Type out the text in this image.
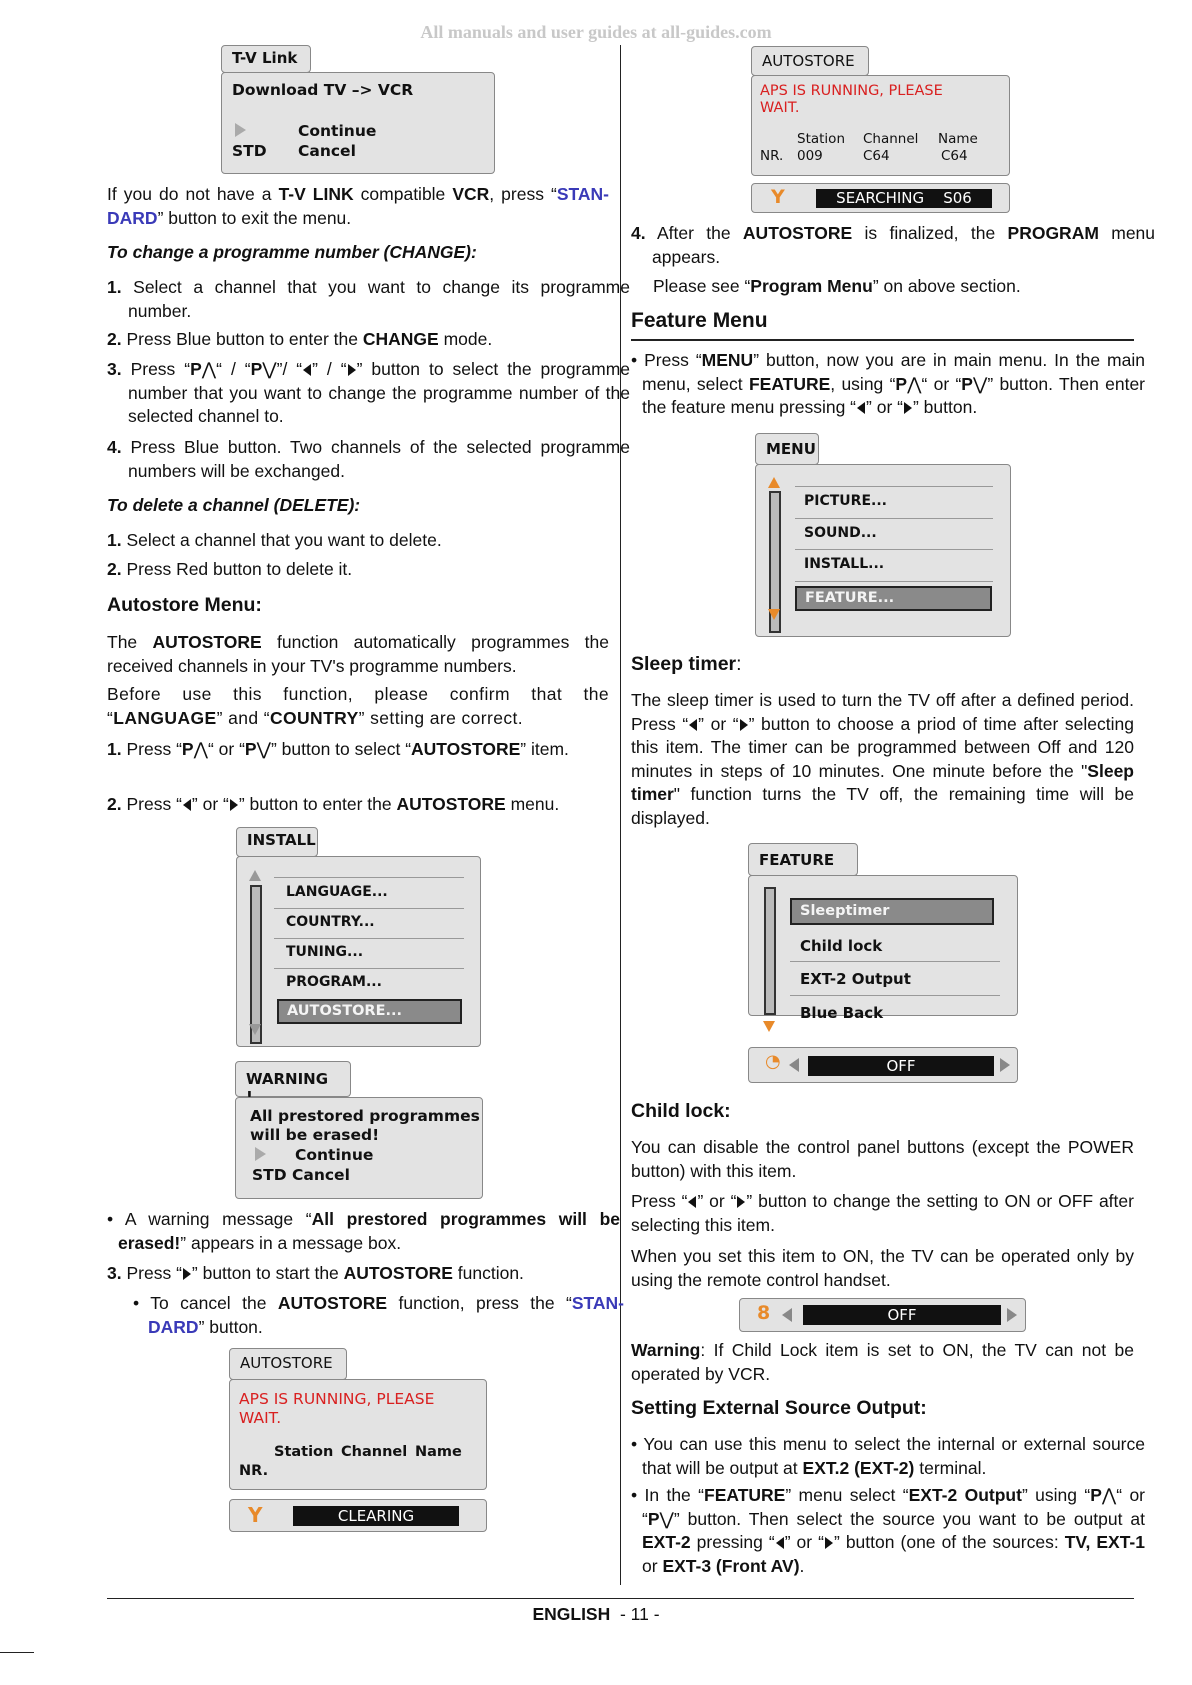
All manuals and user guides at all-guides.com
T-V Link
Download TV –> VCR
Continue
STD Cancel

If you do not have a T-V LINK compatible VCR, press “STAN-DARD” button to exit the menu.

To change a programme number (CHANGE):

1. Select a channel that you want to change its programme number.

2. Press Blue button to enter the CHANGE mode.

3. Press “P⋀“ / “P⋁”/ “ ” / “ ” button to select the programme number that you want to change the programme number of the selected channel to.

4. Press Blue button. Two channels of the selected programme numbers will be exchanged.

To delete a channel (DELETE):

1. Select a channel that you want to delete.

2. Press Red button to delete it.

Autostore Menu:

The AUTOSTORE function automatically programmes the received channels in your TV's programme numbers.

Before use this function, please confirm that the “LANGUAGE” and “COUNTRY” setting are correct.

1. Press “P⋀“ or “P⋁” button to select “AUTOSTORE” item.

2. Press “ ” or “ ” button to enter the AUTOSTORE menu.

INSTALL
LANGUAGE...
COUNTRY...
TUNING...
PROGRAM...
AUTOSTORE...
WARNING
All prestored programmes
will be erased!
Continue
STD Cancel

• A warning message “All prestored programmes will be erased!” appears in a message box.

3. Press “ ” button to start the AUTOSTORE function.

• To cancel the AUTOSTORE function, press the “STAN-DARD” button.

AUTOSTORE
APS IS RUNNING, PLEASE
WAIT.
Station Channel Name
NR.
Y	CLEARING
AUTOSTORE
APS IS RUNNING, PLEASE
WAIT.
Station Channel Name
NR. 009	C64	C64
Y	SEARCHING    S06

4. After the AUTOSTORE is finalized, the PROGRAM menu appears.

Please see “Program Menu” on above section.

Feature Menu

• Press “MENU” button, now you are in main menu. In the main menu, select FEATURE, using “P⋀“ or “P⋁” button. Then enter the feature menu pressing “ ” or “ ” button.

MENU
PICTURE...
SOUND...
INSTALL...
FEATURE...

Sleep timer:

The sleep timer is used to turn the TV off after a defined period. Press “ ” or “ ” button to choose a priod of time after selecting this item. The timer can be programmed between Off and 120 minutes in steps of 10 minutes. One minute before the "Sleep timer" function turns the TV off, the remaining time will be displayed.

FEATURE
Sleeptimer
Child lock
EXT-2 Output
Blue Back
◔	OFF

Child lock:

You can disable the control panel buttons (except the POWER button) with this item.

Press “ ” or “ ” button to change the setting to ON or OFF after selecting this item.

When you set this item to ON, the TV can be operated only by using the remote control handset.

8	OFF

Warning: If Child Lock item is set to ON, the TV can not be operated by VCR.

Setting External Source Output:

• You can use this menu to select the internal or external source that will be output at EXT.2 (EXT-2) terminal.

• In the “FEATURE” menu select “EXT-2 Output” using “P⋀“ or “P⋁” button. Then select the source you want to be output at EXT-2 pressing “ ” or “ ” button (one of the sources: TV, EXT-1 or EXT-3 (Front AV).

ENGLISH  - 11 -
